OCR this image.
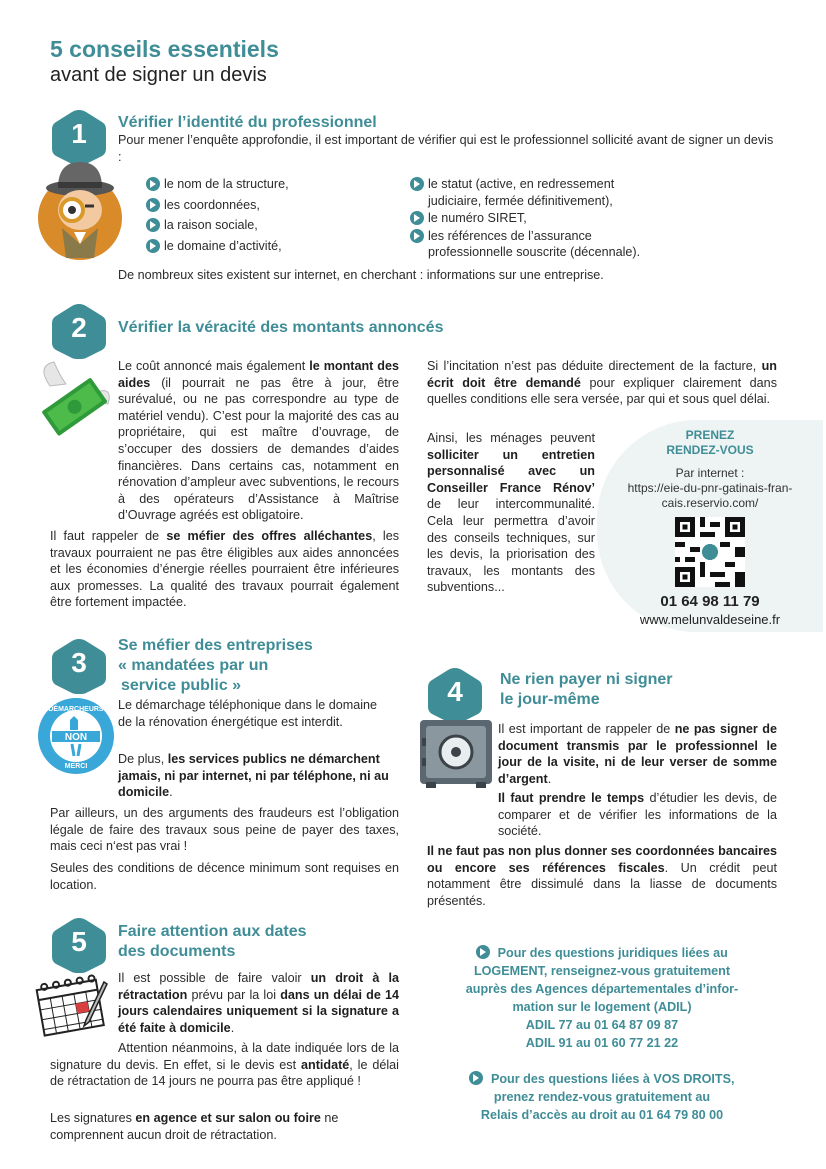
5 conseils essentiels
avant de signer un devis
1	Vérifier l’identité du professionnel

Pour mener l’enquête approfondie, il est important de vérifier qui est le professionnel sollicité avant de signer un devis :

le nom de la structure,
les coordonnées,
la raison sociale,
le domaine d’activité,
le statut (active, en redressement judiciaire, fermée définitivement),
le numéro SIRET,
les références de l’assurance professionnelle souscrite (décennale).

De nombreux sites existent sur internet, en cherchant : informations sur une entreprise.

2	Vérifier la véracité des montants annoncés
Le coût annoncé mais également le montant des aides (il pourrait ne pas être à jour, être surévalué, ou ne pas correspondre au type de matériel vendu). C’est pour la majorité des cas au propriétaire, qui est maître d’ouvrage, de s’occuper des dossiers de demandes d’aides financières. Dans certains cas, notamment en rénovation d’ampleur avec subventions, le recours à des opérateurs d’Assistance à Maîtrise d’Ouvrage agréés est obligatoire.
Il faut rappeler de se méfier des offres alléchantes, les travaux pourraient ne pas être éligibles aux aides annoncées et les économies d’énergie réelles pourraient être inférieures aux promesses. La qualité des travaux pourrait également être fortement impactée.
Si l’incitation n’est pas déduite directement de la facture, un écrit doit être demandé pour expliquer clairement dans quelles conditions elle sera versée, par qui et sous quel délai.
Ainsi, les ménages peuvent solliciter un entretien personnalisé avec un Conseiller France Rénov’ de leur intercommunalité. Cela leur permettra d’avoir des conseils techniques, sur les devis, la priorisation des travaux, les montants des subventions...
PRENEZ
RENDEZ-VOUS
Par internet :
https://eie-du-pnr-gatinais-fran-
cais.reservio.com/
01 64 98 11 79
www.melunvaldeseine.fr
3
Se méfier des entreprises
« mandatées par un
service public »
NON
DÉMARCHEURS
MERCI

Le démarchage téléphonique dans le domaine de la rénovation énergétique est interdit.

De plus, les services publics ne démarchent jamais, ni par internet, ni par téléphone, ni au domicile.

Par ailleurs, un des arguments des fraudeurs est l’obligation légale de faire des travaux sous peine de payer des taxes, mais ceci n‘est pas vrai !

Seules des conditions de décence minimum sont requises en location.

4	Ne rien payer ni signer
le jour-même
Il est important de rappeler de ne pas signer de document transmis par le professionnel le jour de la visite, ni de leur verser de somme d’argent.
Il faut prendre le temps d’étudier les devis, de comparer et de vérifier les informations de la société.
Il ne faut pas non plus donner ses coordonnées bancaires ou encore ses références fiscales. Un crédit peut notamment être dissimulé dans la liasse de documents présentés.
5	Faire attention aux dates
des documents
Il est possible de faire valoir un droit à la rétractation prévu par la loi dans un délai de 14 jours calendaires uniquement si la signature a été faite à domicile.
Attention néanmoins, à la date indiquée lors de la signature du devis. En effet, si le devis est antidaté, le délai de rétractation de 14 jours ne pourra pas être appliqué !
Les signatures en agence et sur salon ou foire ne comprennent aucun droit de rétractation.
Pour des questions juridiques liées au
LOGEMENT, renseignez-vous gratuitement
auprès des Agences départementales d’infor-
mation sur le logement (ADIL)
ADIL 77 au 01 64 87 09 87
ADIL 91 au 01 60 77 21 22
Pour des questions liées à VOS DROITS,
prenez rendez-vous gratuitement au
Relais d’accès au droit au 01 64 79 80 00
